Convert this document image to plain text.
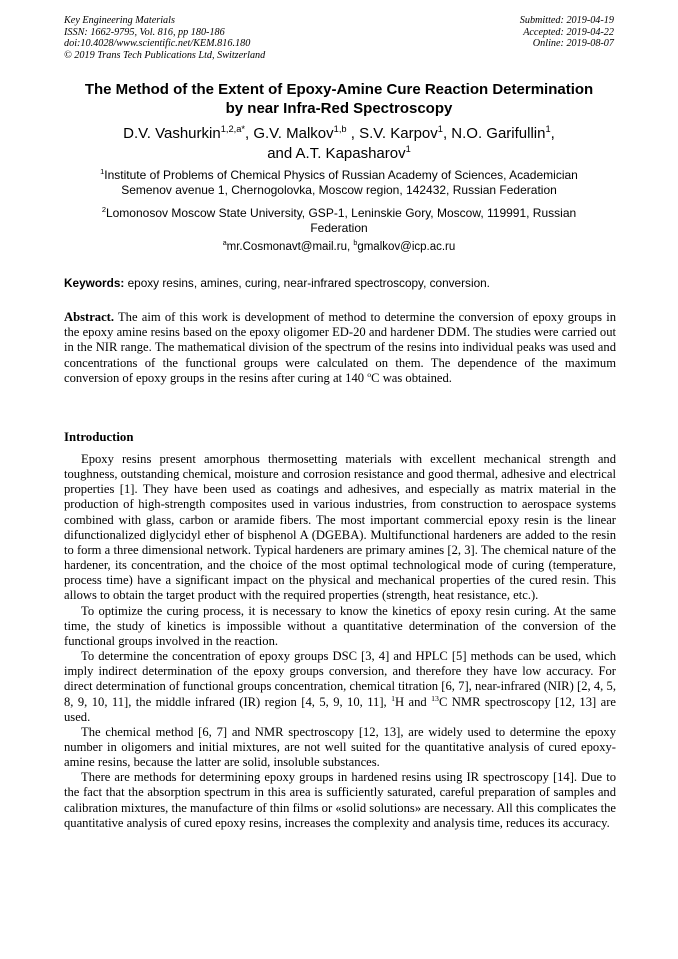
Key Engineering Materials
ISSN: 1662-9795, Vol. 816, pp 180-186
doi:10.4028/www.scientific.net/KEM.816.180
© 2019 Trans Tech Publications Ltd, Switzerland
Submitted: 2019-04-19
Accepted: 2019-04-22
Online: 2019-08-07
The Method of the Extent of Epoxy-Amine Cure Reaction Determination
by near Infra-Red Spectroscopy
D.V. Vashurkin$^{1,2,a*}$, G.V. Malkov$^{1,b}$ , S.V. Karpov$^1$, N.O. Garifullin$^1$,
and A.T. Kapasharov$^1$
$^1$Institute of Problems of Chemical Physics of Russian Academy of Sciences, Academician Semenov avenue 1, Chernogolovka, Moscow region, 142432, Russian Federation
$^2$Lomonosov Moscow State University, GSP-1, Leninskie Gory, Moscow, 119991, Russian Federation
$^a$mr.Cosmonavt@mail.ru, $^b$gmalkov@icp.ac.ru
Keywords: epoxy resins, amines, curing, near-infrared spectroscopy, conversion.
Abstract. The aim of this work is development of method to determine the conversion of epoxy groups in the epoxy amine resins based on the epoxy oligomer ED-20 and hardener DDM. The studies were carried out in the NIR range. The mathematical division of the spectrum of the resins into individual peaks was used and concentrations of the functional groups were calculated on them. The dependence of the maximum conversion of epoxy groups in the resins after curing at 140 $^o$C was obtained.
Introduction

Epoxy resins present amorphous thermosetting materials with excellent mechanical strength and toughness, outstanding chemical, moisture and corrosion resistance and good thermal, adhesive and electrical properties [1]. They have been used as coatings and adhesives, and especially as matrix material in the production of high-strength composites used in various industries, from construction to aerospace systems combined with glass, carbon or aramide fibers. The most important commercial epoxy resin is the linear difunctionalized diglycidyl ether of bisphenol A (DGEBA). Multifunctional hardeners are added to the resin to form a three dimensional network. Typical hardeners are primary amines [2, 3]. The chemical nature of the hardener, its concentration, and the choice of the most optimal technological mode of curing (temperature, process time) have a significant impact on the physical and mechanical properties of the cured resin. This allows to obtain the target product with the required properties (strength, heat resistance, etc.).

To optimize the curing process, it is necessary to know the kinetics of epoxy resin curing. At the same time, the study of kinetics is impossible without a quantitative determination of the conversion of the functional groups involved in the reaction.

To determine the concentration of epoxy groups DSC [3, 4] and HPLC [5] methods can be used, which imply indirect determination of the epoxy groups conversion, and therefore they have low accuracy. For direct determination of functional groups concentration, chemical titration [6, 7], near-infrared (NIR) [2, 4, 5, 8, 9, 10, 11], the middle infrared (IR) region [4, 5, 9, 10, 11], $^1$H and $^{13}$C NMR spectroscopy [12, 13] are used.

The chemical method [6, 7] and NMR spectroscopy [12, 13], are widely used to determine the epoxy number in oligomers and initial mixtures, are not well suited for the quantitative analysis of cured epoxy-amine resins, because the latter are solid, insoluble substances.

There are methods for determining epoxy groups in hardened resins using IR spectroscopy [14]. Due to the fact that the absorption spectrum in this area is sufficiently saturated, careful preparation of samples and calibration mixtures, the manufacture of thin films or «solid solutions» are necessary. All this complicates the quantitative analysis of cured epoxy resins, increases the complexity and analysis time, reduces its accuracy.
